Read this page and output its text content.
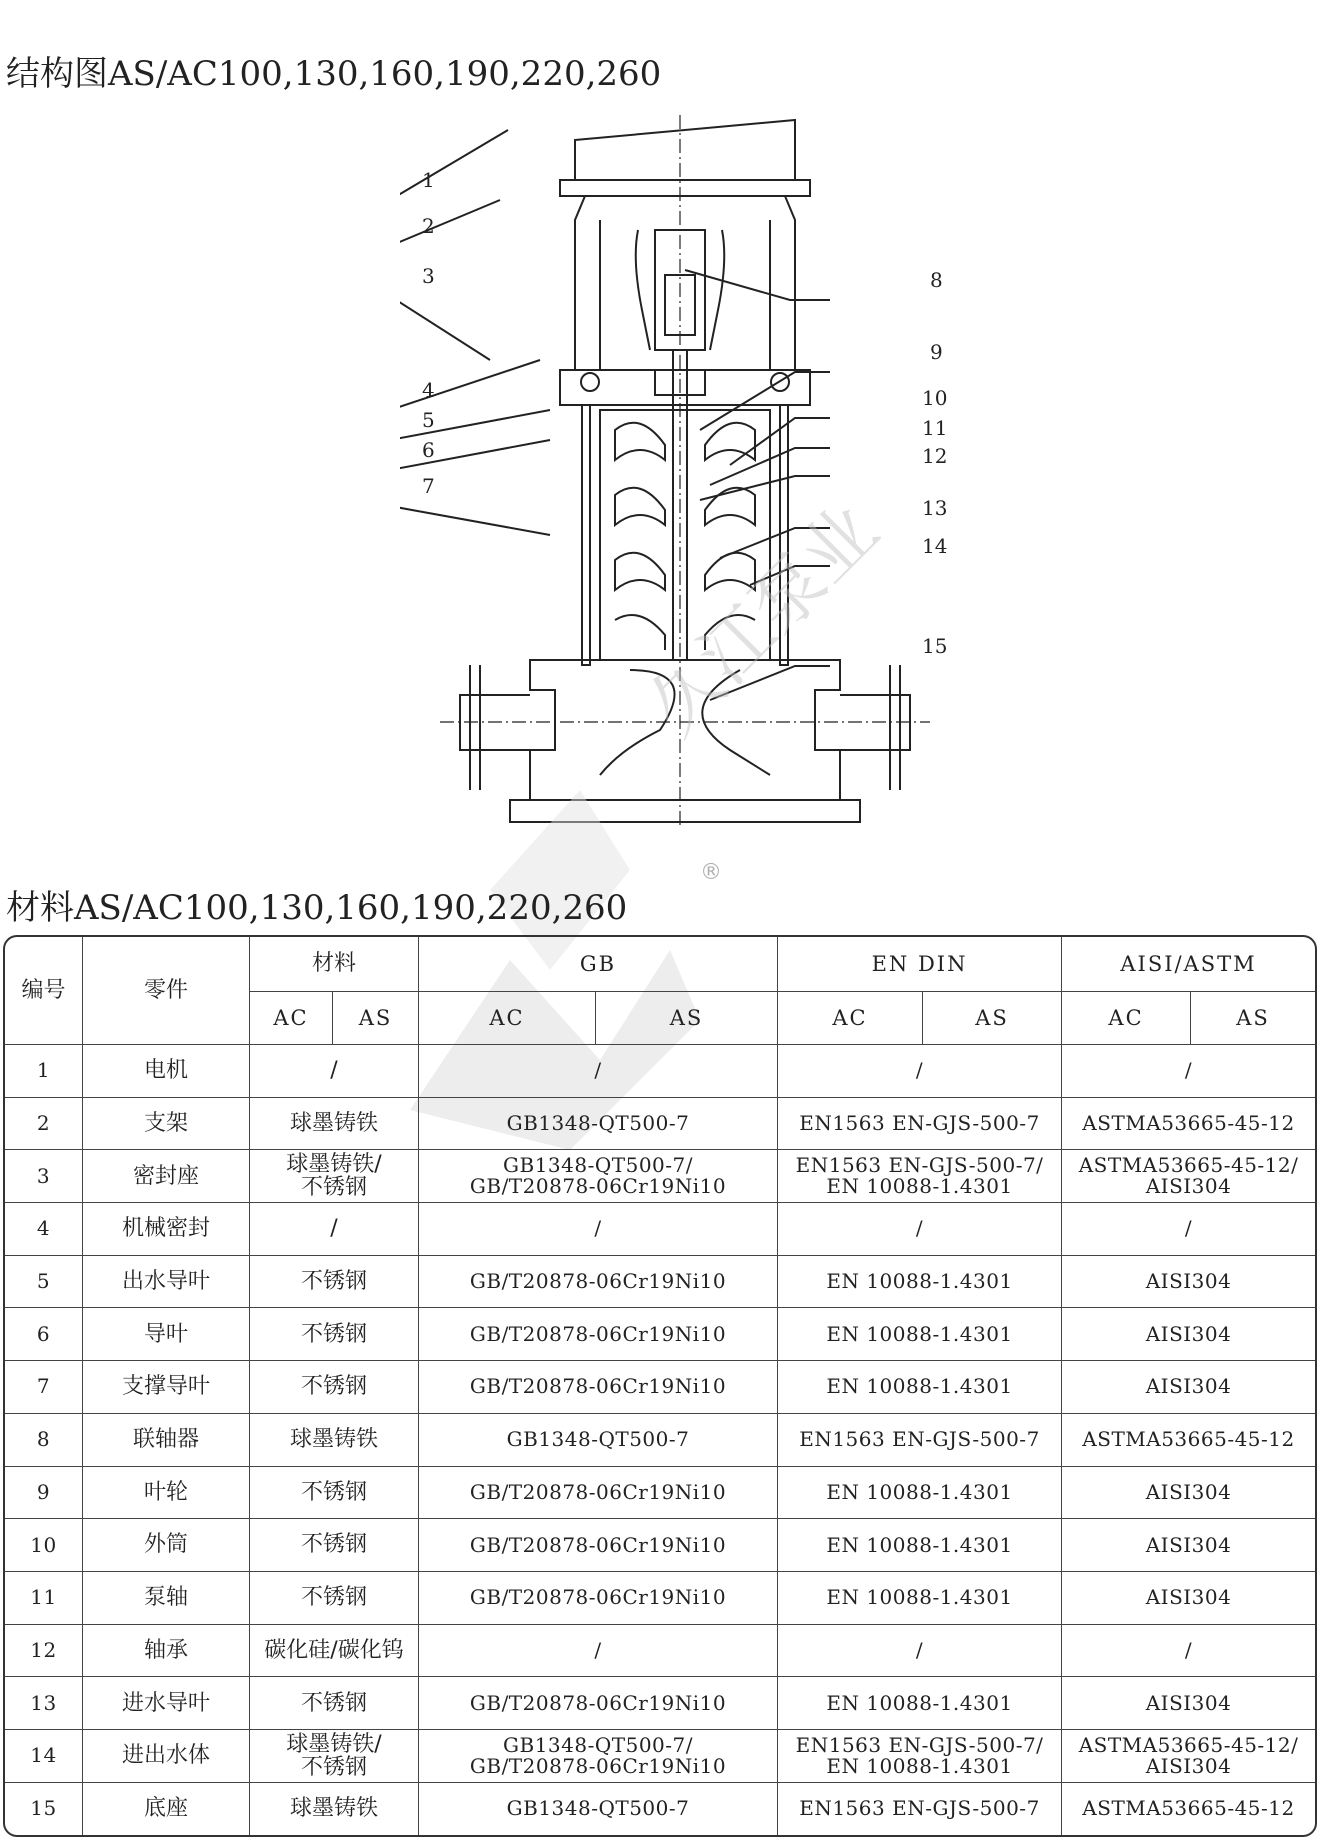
结构图AS/AC100,130,160,190,220,260
1
2
3
4
5
6
7
8
9
10
11
12
13
14
15
久江泵业
®
材料AS/AC100,130,160,190,220,260
编号	零件	材料		GB		EN DIN		AISI/ASTM	
		AC	AS	AC	AS	AC	AS	AC	AS
1	电机	/		/		/		/	

2	支架	球墨铸铁		GB1348-QT500-7		EN1563 EN-GJS-500-7		ASTMA53665-45-12	

3	密封座	球墨铸铁/
不锈钢		GB1348-QT500-7/
GB/T20878-06Cr19Ni10		EN1563 EN-GJS-500-7/
EN 10088-1.4301		ASTMA53665-45-12/
AISI304	

4	机械密封	/		/		/		/	

5	出水导叶	不锈钢		GB/T20878-06Cr19Ni10		EN 10088-1.4301		AISI304	

6	导叶	不锈钢		GB/T20878-06Cr19Ni10		EN 10088-1.4301		AISI304	

7	支撑导叶	不锈钢		GB/T20878-06Cr19Ni10		EN 10088-1.4301		AISI304	

8	联轴器	球墨铸铁		GB1348-QT500-7		EN1563 EN-GJS-500-7		ASTMA53665-45-12	

9	叶轮	不锈钢		GB/T20878-06Cr19Ni10		EN 10088-1.4301		AISI304	

10	外筒	不锈钢		GB/T20878-06Cr19Ni10		EN 10088-1.4301		AISI304	

11	泵轴	不锈钢		GB/T20878-06Cr19Ni10		EN 10088-1.4301		AISI304	

12	轴承	碳化硅/碳化钨		/		/		/	

13	进水导叶	不锈钢		GB/T20878-06Cr19Ni10		EN 10088-1.4301		AISI304	

14	进出水体	球墨铸铁/
不锈钢		GB1348-QT500-7/
GB/T20878-06Cr19Ni10		EN1563 EN-GJS-500-7/
EN 10088-1.4301		ASTMA53665-45-12/
AISI304	

15	底座	球墨铸铁		GB1348-QT500-7		EN1563 EN-GJS-500-7		ASTMA53665-45-12	
